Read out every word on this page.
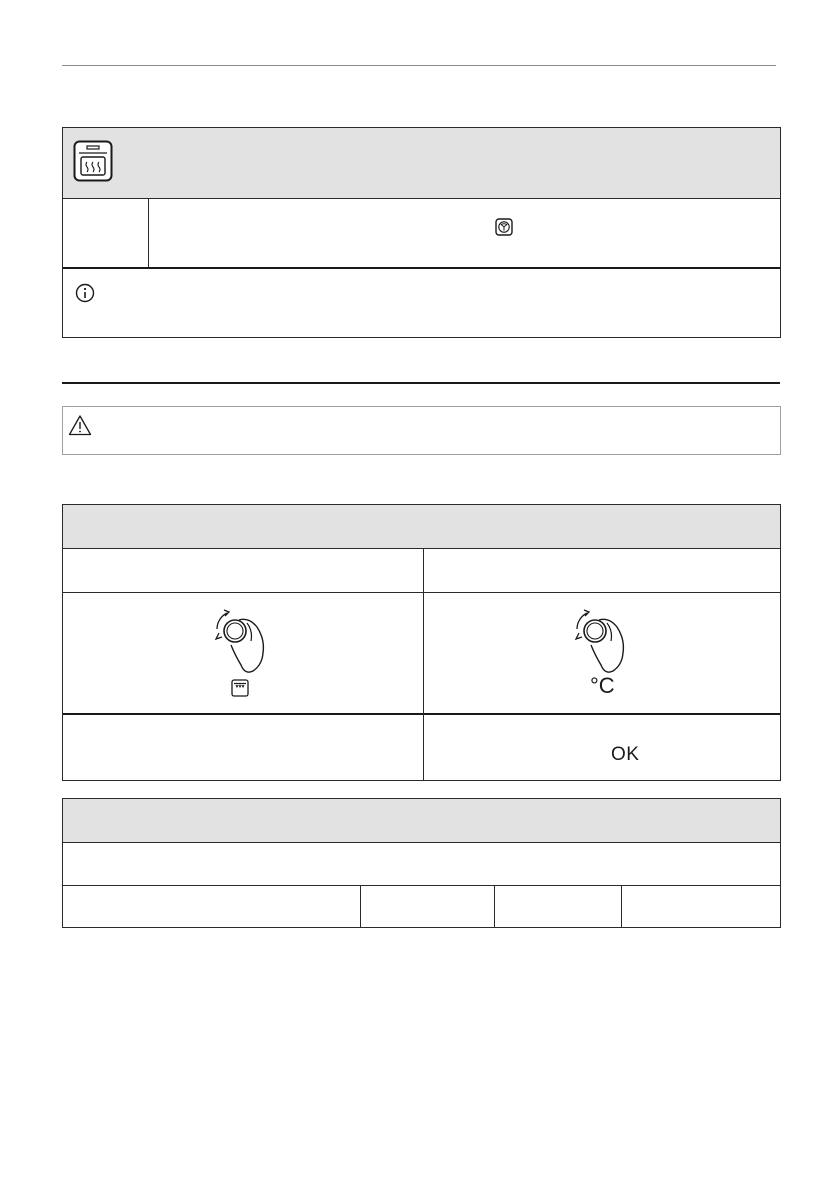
°C
OK
